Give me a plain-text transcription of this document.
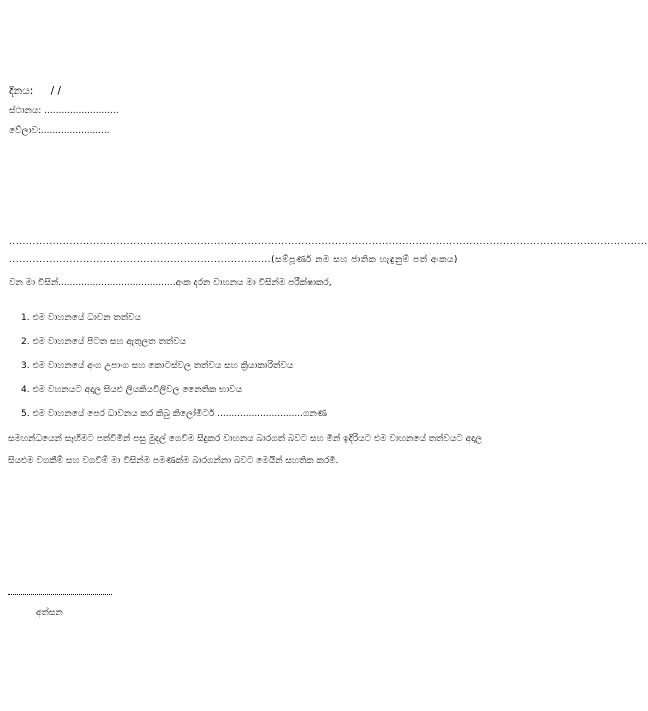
දිනය: / /
ස්ථානය: ..........................
වේලාව:........................
..............................................................................................................................................................................................
..............................................................................(සම්පූර්ණ නම සහ ජාතික හැඳුනුම් පත් අංකය)
වන මා විසින්.........................................අංක දරන වාහනය මා විසින්ම පරීක්ෂාකර,
1. එම වාහනයේ ධාවන තත්වය
2. එම වාහනයේ පිටත සහ ඇතුලත තත්වය
3. එම වාහනයේ අංග උපාංග සහ කොටස්වල තත්වය සහ ක්‍රියාකාරිත්වය
4. එම වහනයට අදාල සියළු ලියකියවිලිවල නෛතික භාවය
5. එම වාහනයේ පෙර ධාවනය කර කිබු කිලෝමීටර් ..............................ගනණ

සමහන්ධයෙන් සෑහීමට පත්වීමින් පසු මුදල් ගෙවීම සිදුකර වාහනය බාරගත් බවට සහ මින් ඉදිරියට එම වාහනයේ තත්වයට අදාල සියළුම වගකීම් සහ වගවීම් මා විසින්ම පමණක්ම බාරගන්නා බවට මෙයින් සහතික කරමි.

අත්සන
